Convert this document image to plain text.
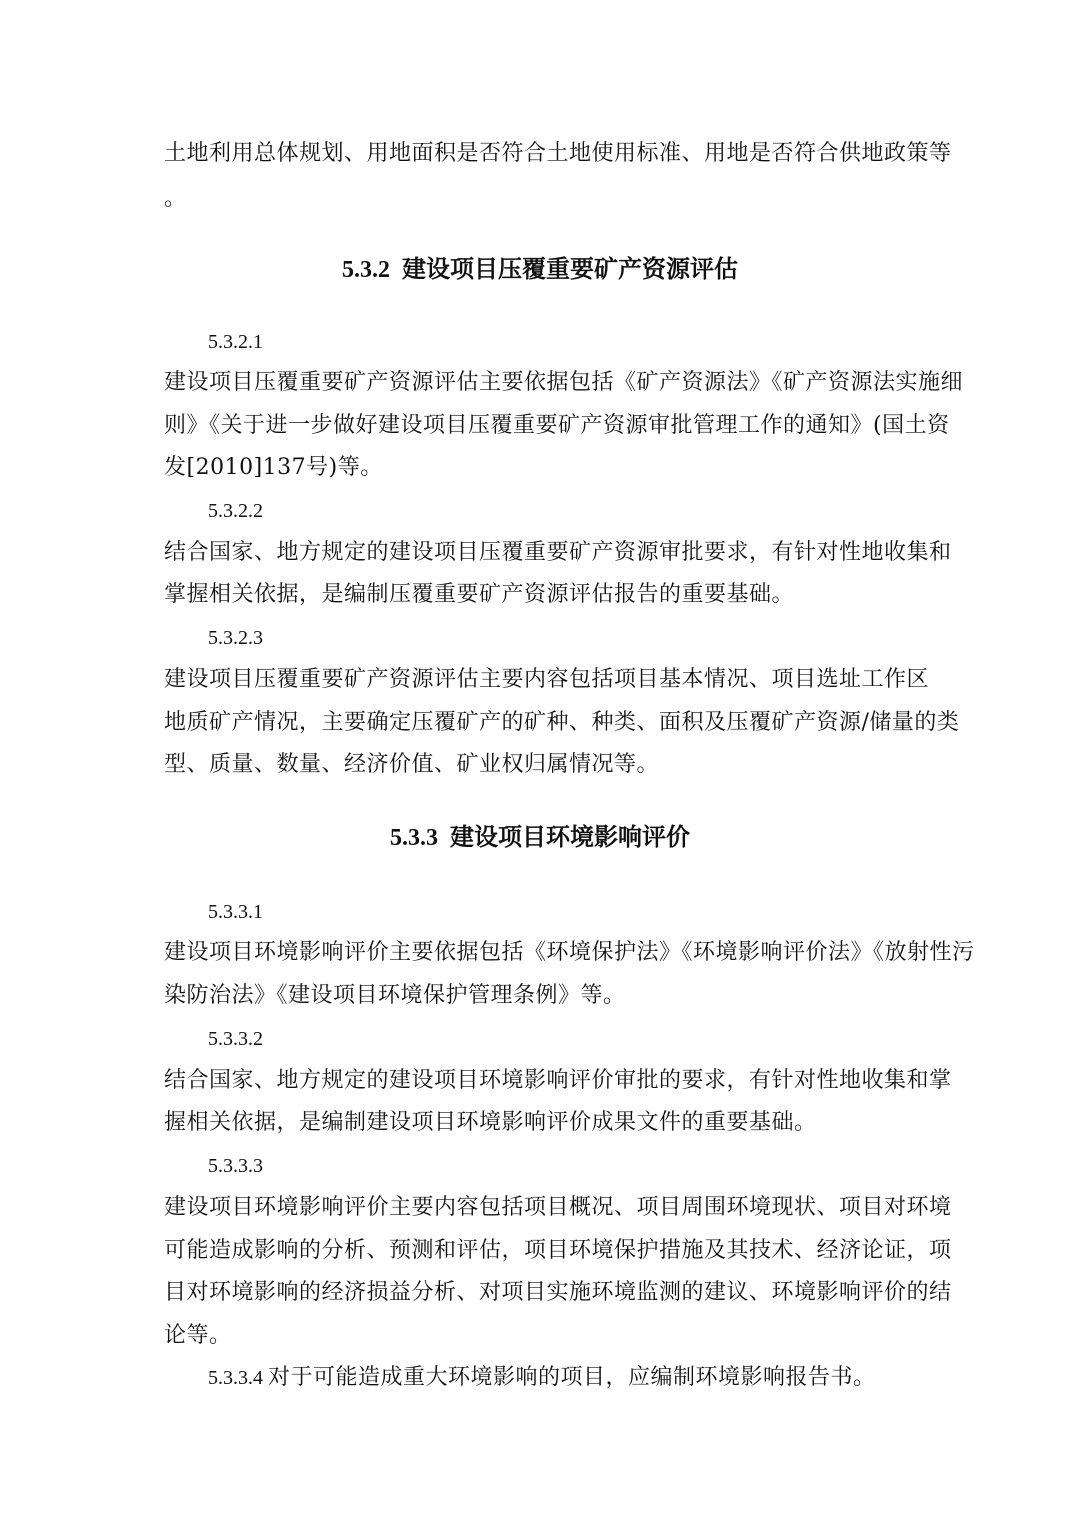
土地利用总体规划、用地面积是否符合土地使用标准、用地是否符合供地政策等
。
5.3.2 建设项目压覆重要矿产资源评估
5.3.2.1
建设项目压覆重要矿产资源评估主要依据包括《矿产资源法》《矿产资源法实施细
则》《关于进一步做好建设项目压覆重要矿产资源审批管理工作的通知》(国土资
发[2010]137号)等。
5.3.2.2
结合国家、地方规定的建设项目压覆重要矿产资源审批要求，有针对性地收集和
掌握相关依据，是编制压覆重要矿产资源评估报告的重要基础。
5.3.2.3
建设项目压覆重要矿产资源评估主要内容包括项目基本情况、项目选址工作区
地质矿产情况，主要确定压覆矿产的矿种、种类、面积及压覆矿产资源/储量的类
型、质量、数量、经济价值、矿业权归属情况等。
5.3.3 建设项目环境影响评价
5.3.3.1
建设项目环境影响评价主要依据包括《环境保护法》《环境影响评价法》《放射性污
染防治法》《建设项目环境保护管理条例》等。
5.3.3.2
结合国家、地方规定的建设项目环境影响评价审批的要求，有针对性地收集和掌
握相关依据，是编制建设项目环境影响评价成果文件的重要基础。
5.3.3.3
建设项目环境影响评价主要内容包括项目概况、项目周围环境现状、项目对环境
可能造成影响的分析、预测和评估，项目环境保护措施及其技术、经济论证，项
目对环境影响的经济损益分析、对项目实施环境监测的建议、环境影响评价的结
论等。
5.3.3.4 对于可能造成重大环境影响的项目，应编制环境影响报告书。
